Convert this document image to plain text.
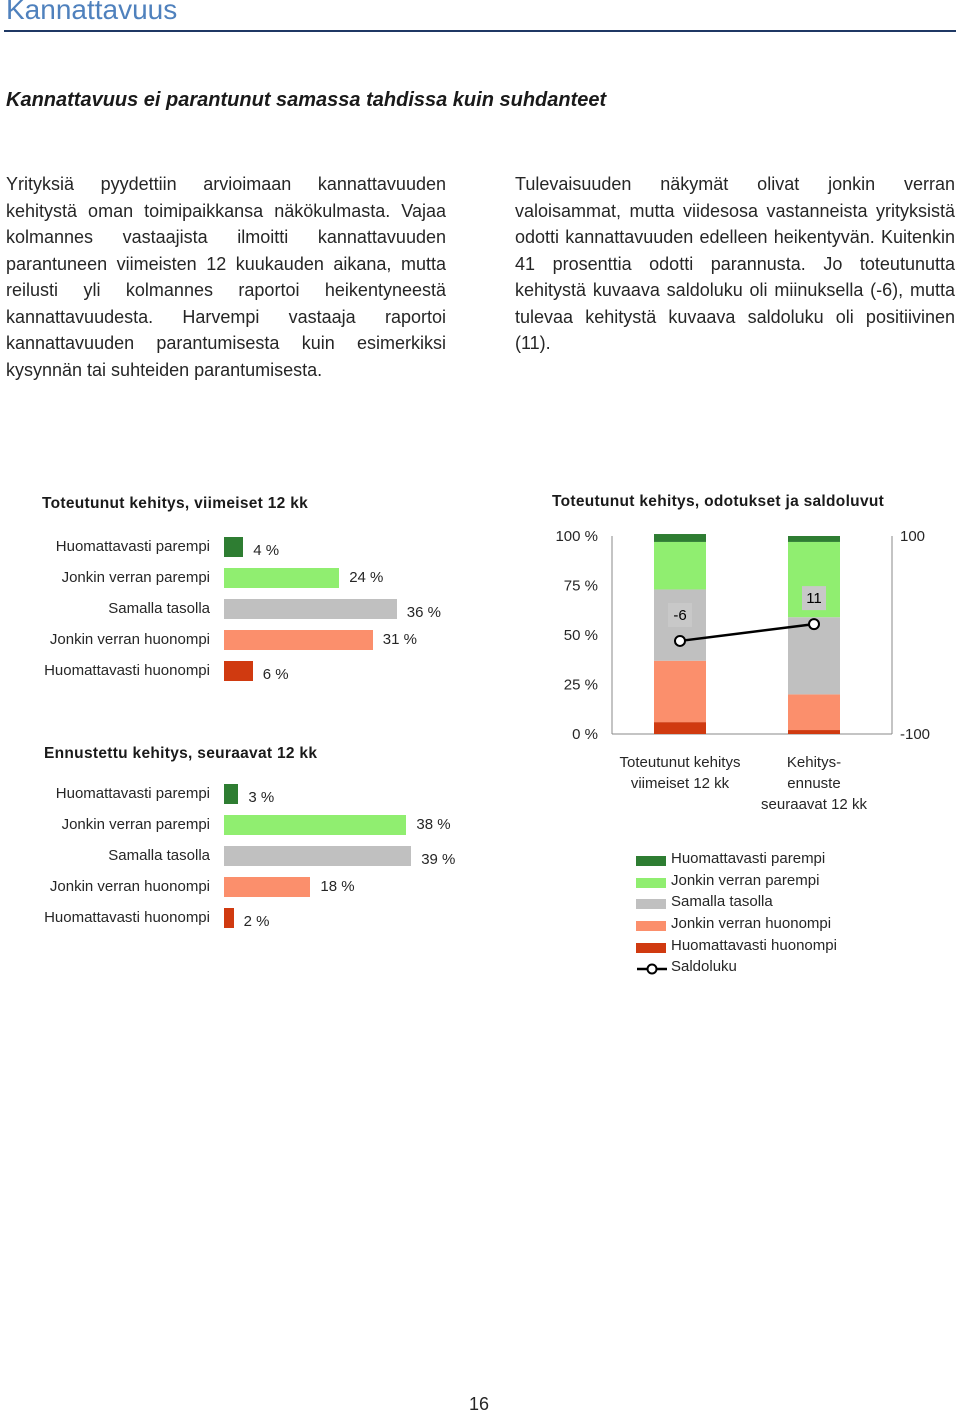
Kannattavuus
Kannattavuus ei parantunut samassa tahdissa kuin suhdanteet
Yrityksiä pyydettiin arvioimaan kannattavuuden kehitystä oman toimipaikkansa näkökulmasta. Vajaa kolmannes vastaajista ilmoitti kannattavuuden parantuneen viimeisten 12 kuukauden aikana, mutta reilusti yli kolmannes raportoi heikentyneestä kannattavuudesta. Harvempi vastaaja raportoi kannattavuuden parantumisesta kuin esimerkiksi kysynnän tai suhteiden parantumisesta.
Tulevaisuuden näkymät olivat jonkin verran valoisammat, mutta viidesosa vastanneista yrityksistä odotti kannattavuuden edelleen heikentyvän. Kuitenkin 41 prosenttia odotti parannusta. Jo toteutunutta kehitystä kuvaava saldoluku oli miinuksella (-6), mutta tulevaa kehitystä kuvaava saldoluku oli positiivinen (11).
Toteutunut kehitys, viimeiset 12 kk
Huomattavasti parempi	4 %
Jonkin verran parempi	24 %
Samalla tasolla	36 %
Jonkin verran huonompi	31 %
Huomattavasti huonompi	6 %
Ennustettu kehitys, seuraavat 12 kk
Huomattavasti parempi	3 %
Jonkin verran parempi	38 %
Samalla tasolla	39 %
Jonkin verran huonompi	18 %
Huomattavasti huonompi 2 %
Toteutunut kehitys, odotukset ja saldoluvut
0 %
25 %
50 %
75 %
100 %
-100
100
Toteutunut kehitys
viimeiset 12 kk
Kehitys-
ennuste
seuraavat 12 kk
-6
11
Huomattavasti parempi
Jonkin verran parempi
Samalla tasolla
Jonkin verran huonompi
Huomattavasti huonompi
Saldoluku
16
